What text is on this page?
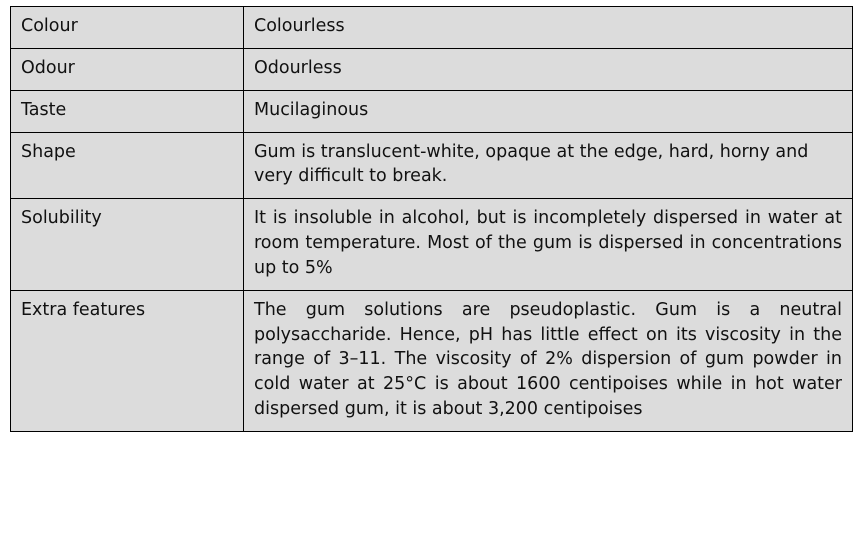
Colour	Colourless
Odour	Odourless
Taste	Mucilaginous
Shape	Gum is translucent-white, opaque at the edge, hard, horny and very difficult to break.
Solubility	It is insoluble in alcohol, but is incompletely dispersed in water at room temperature. Most of the gum is dispersed in concentrations up to 5%
Extra features	The gum solutions are pseudoplastic. Gum is a neutral polysaccharide. Hence, pH has little effect on its viscosity in the range of 3–11. The viscosity of 2% dispersion of gum powder in cold water at 25°C is about 1600 centipoises while in hot water dispersed gum, it is about 3,200 centipoises
